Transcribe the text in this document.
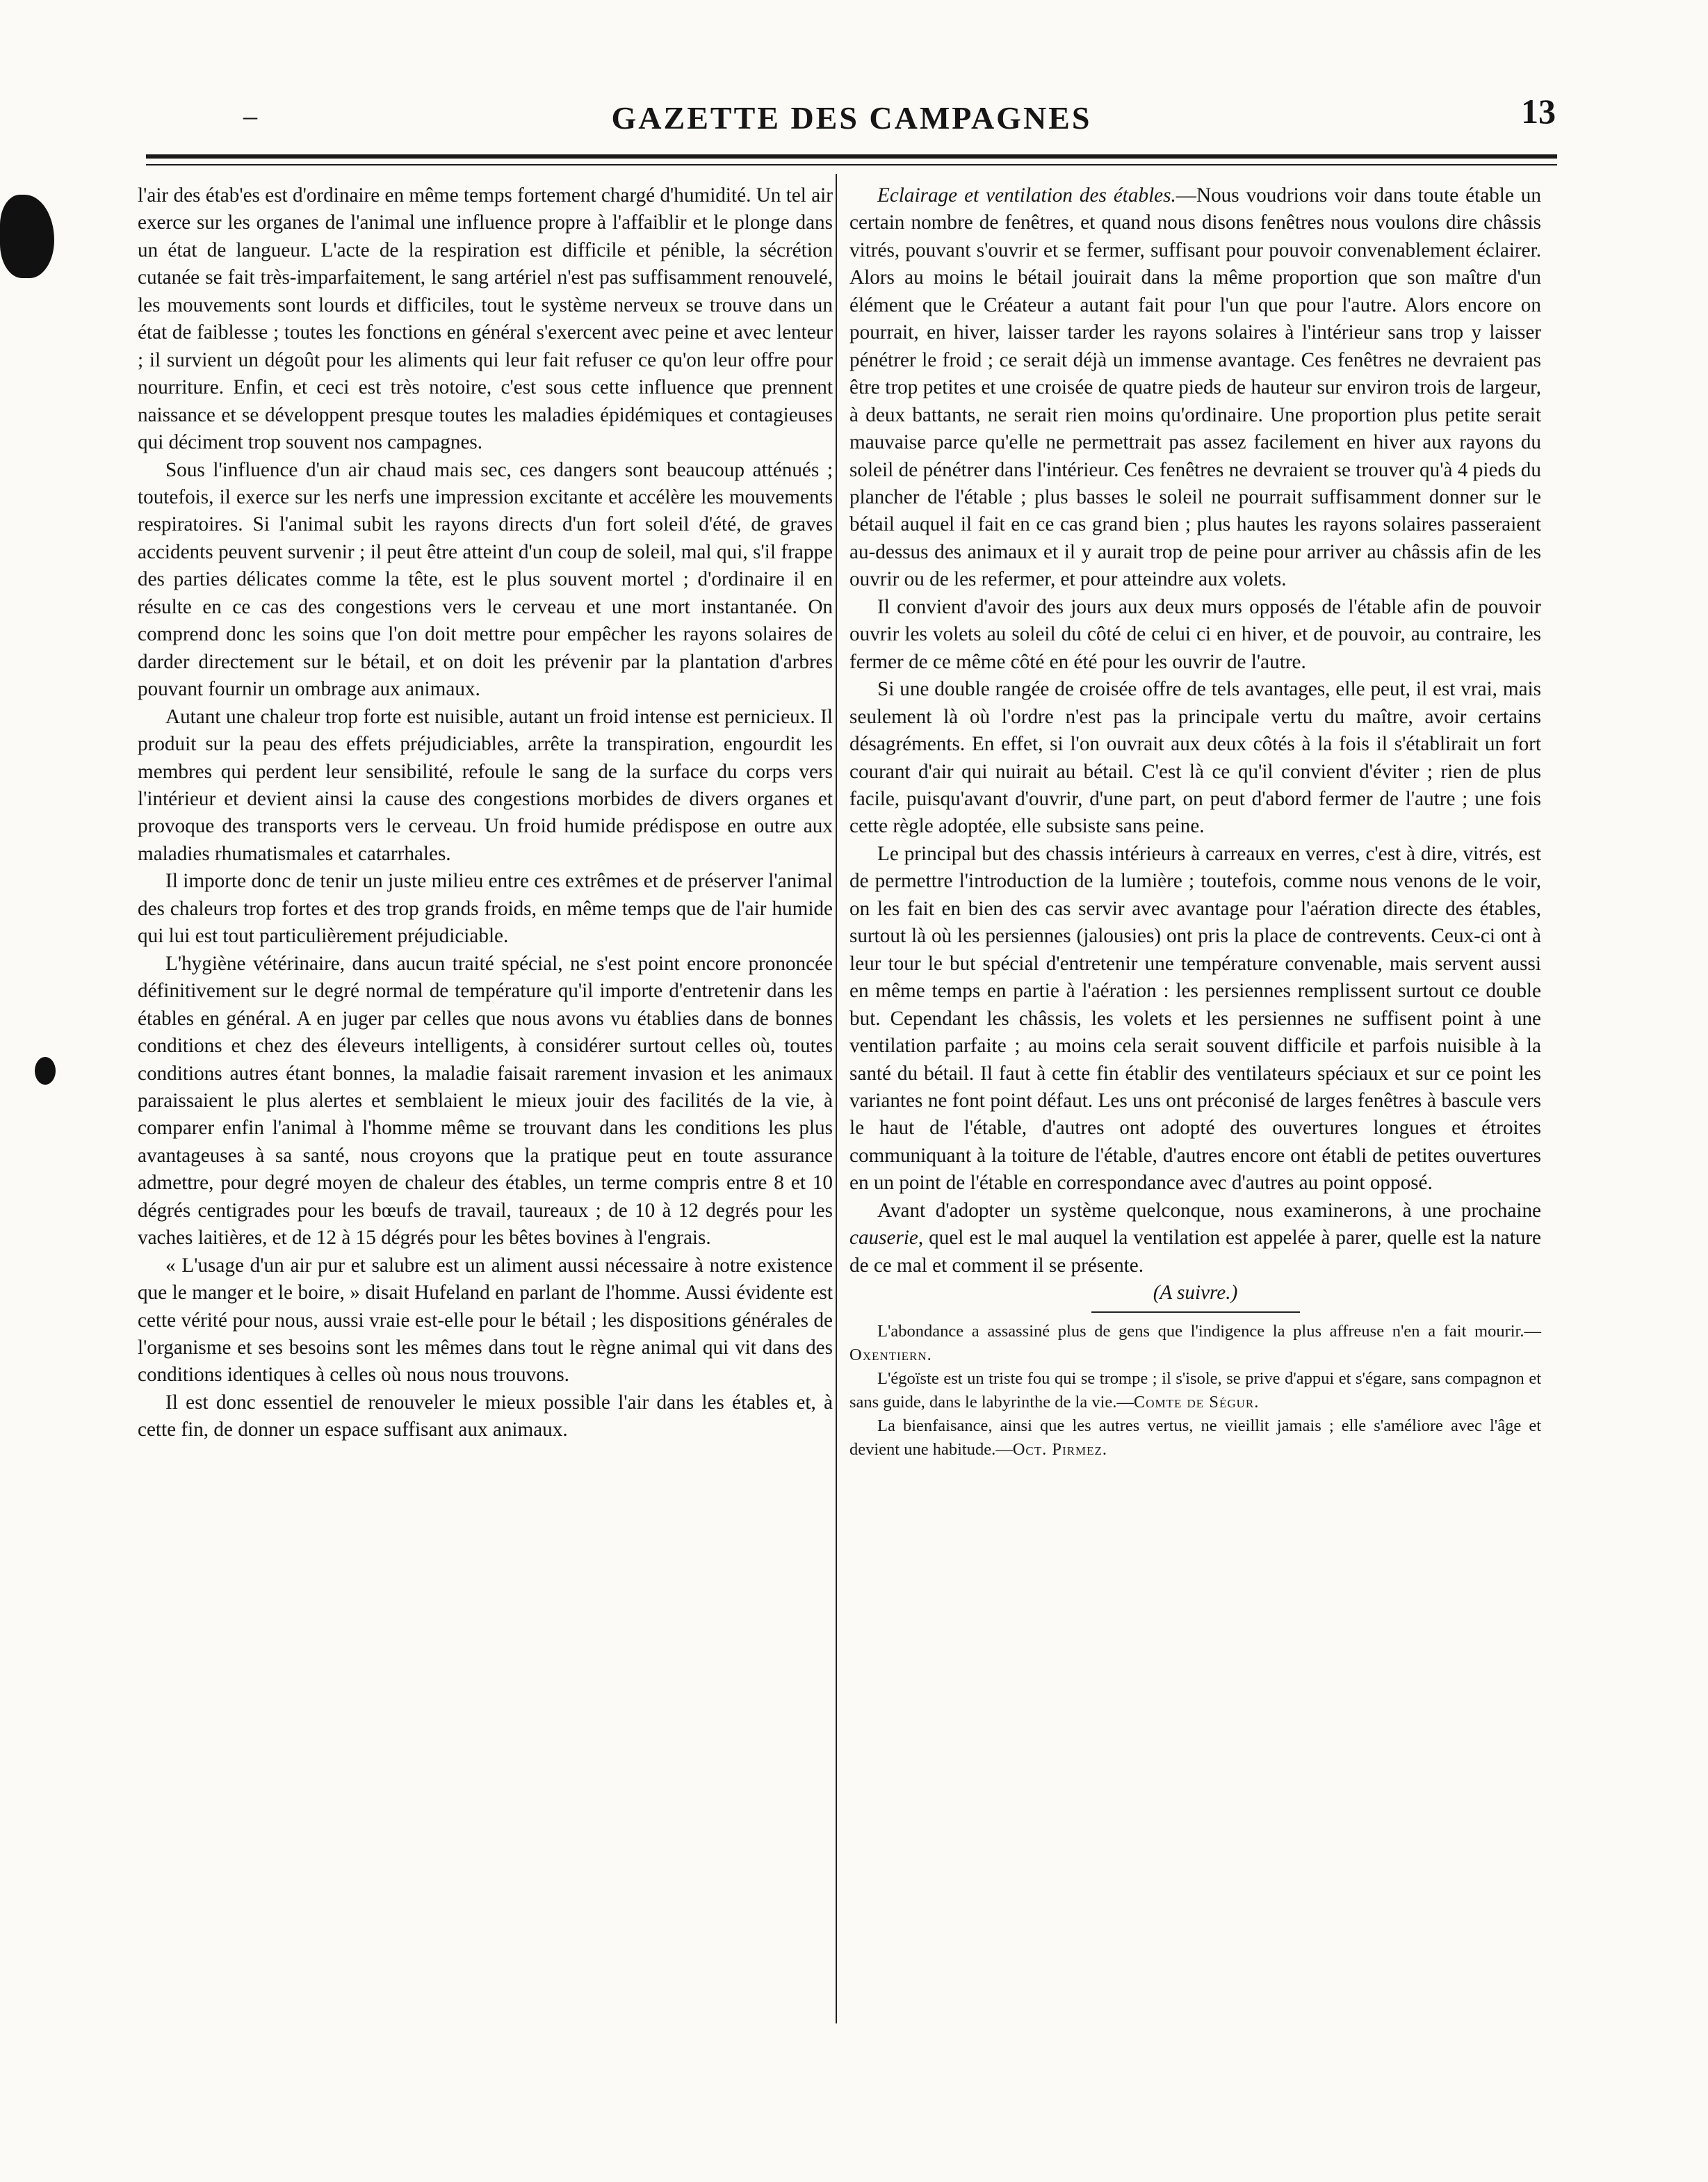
–	GAZETTE DES CAMPAGNES	13

l'air des étab'es est d'ordinaire en même temps fortement chargé d'humidité. Un tel air exerce sur les organes de l'animal une influence propre à l'affaiblir et le plonge dans un état de langueur. L'acte de la respiration est difficile et pénible, la sécrétion cutanée se fait très-imparfaitement, le sang artériel n'est pas suffisamment renouvelé, les mouvements sont lourds et difficiles, tout le système nerveux se trouve dans un état de faiblesse ; toutes les fonctions en général s'exercent avec peine et avec lenteur ; il survient un dégoût pour les aliments qui leur fait refuser ce qu'on leur offre pour nourriture. Enfin, et ceci est très notoire, c'est sous cette influence que prennent naissance et se développent presque toutes les maladies épidémiques et contagieuses qui déciment trop souvent nos campagnes.

Sous l'influence d'un air chaud mais sec, ces dangers sont beaucoup atténués ; toutefois, il exerce sur les nerfs une impression excitante et accélère les mouvements respiratoires. Si l'animal subit les rayons directs d'un fort soleil d'été, de graves accidents peuvent survenir ; il peut être atteint d'un coup de soleil, mal qui, s'il frappe des parties délicates comme la tête, est le plus souvent mortel ; d'ordinaire il en résulte en ce cas des congestions vers le cerveau et une mort instantanée. On comprend donc les soins que l'on doit mettre pour empêcher les rayons solaires de darder directement sur le bétail, et on doit les prévenir par la plantation d'arbres pouvant fournir un ombrage aux animaux.

Autant une chaleur trop forte est nuisible, autant un froid intense est pernicieux. Il produit sur la peau des effets préjudiciables, arrête la transpiration, engourdit les membres qui perdent leur sensibilité, refoule le sang de la surface du corps vers l'intérieur et devient ainsi la cause des congestions morbides de divers organes et provoque des transports vers le cerveau. Un froid humide prédispose en outre aux maladies rhumatismales et catarrhales.

Il importe donc de tenir un juste milieu entre ces extrêmes et de préserver l'animal des chaleurs trop fortes et des trop grands froids, en même temps que de l'air humide qui lui est tout particulièrement préjudiciable.

L'hygiène vétérinaire, dans aucun traité spécial, ne s'est point encore prononcée définitivement sur le degré normal de température qu'il importe d'entretenir dans les étables en général. A en juger par celles que nous avons vu établies dans de bonnes conditions et chez des éleveurs intelligents, à considérer surtout celles où, toutes conditions autres étant bonnes, la maladie faisait rarement invasion et les animaux paraissaient le plus alertes et semblaient le mieux jouir des facilités de la vie, à comparer enfin l'animal à l'homme même se trouvant dans les conditions les plus avantageuses à sa santé, nous croyons que la pratique peut en toute assurance admettre, pour degré moyen de chaleur des étables, un terme compris entre 8 et 10 dégrés centigrades pour les bœufs de travail, taureaux ; de 10 à 12 degrés pour les vaches laitières, et de 12 à 15 dégrés pour les bêtes bovines à l'engrais.

« L'usage d'un air pur et salubre est un aliment aussi nécessaire à notre existence que le manger et le boire, » disait Hufeland en parlant de l'homme. Aussi évidente est cette vérité pour nous, aussi vraie est-elle pour le bétail ; les dispositions générales de l'organisme et ses besoins sont les mêmes dans tout le règne animal qui vit dans des conditions identiques à celles où nous nous trouvons.

Il est donc essentiel de renouveler le mieux possible l'air dans les étables et, à cette fin, de donner un espace suffisant aux animaux.

Eclairage et ventilation des étables.—Nous voudrions voir dans toute étable un certain nombre de fenêtres, et quand nous disons fenêtres nous voulons dire châssis vitrés, pouvant s'ouvrir et se fermer, suffisant pour pouvoir convenablement éclairer. Alors au moins le bétail jouirait dans la même proportion que son maître d'un élément que le Créateur a autant fait pour l'un que pour l'autre. Alors encore on pourrait, en hiver, laisser tarder les rayons solaires à l'intérieur sans trop y laisser pénétrer le froid ; ce serait déjà un immense avantage. Ces fenêtres ne devraient pas être trop petites et une croisée de quatre pieds de hauteur sur environ trois de largeur, à deux battants, ne serait rien moins qu'ordinaire. Une proportion plus petite serait mauvaise parce qu'elle ne permettrait pas assez facilement en hiver aux rayons du soleil de pénétrer dans l'intérieur. Ces fenêtres ne devraient se trouver qu'à 4 pieds du plancher de l'étable ; plus basses le soleil ne pourrait suffisamment donner sur le bétail auquel il fait en ce cas grand bien ; plus hautes les rayons solaires passeraient au-dessus des animaux et il y aurait trop de peine pour arriver au châssis afin de les ouvrir ou de les refermer, et pour atteindre aux volets.

Il convient d'avoir des jours aux deux murs opposés de l'étable afin de pouvoir ouvrir les volets au soleil du côté de celui ci en hiver, et de pouvoir, au contraire, les fermer de ce même côté en été pour les ouvrir de l'autre.

Si une double rangée de croisée offre de tels avantages, elle peut, il est vrai, mais seulement là où l'ordre n'est pas la principale vertu du maître, avoir certains désagréments. En effet, si l'on ouvrait aux deux côtés à la fois il s'établirait un fort courant d'air qui nuirait au bétail. C'est là ce qu'il convient d'éviter ; rien de plus facile, puisqu'avant d'ouvrir, d'une part, on peut d'abord fermer de l'autre ; une fois cette règle adoptée, elle subsiste sans peine.

Le principal but des chassis intérieurs à carreaux en verres, c'est à dire, vitrés, est de permettre l'introduction de la lumière ; toutefois, comme nous venons de le voir, on les fait en bien des cas servir avec avantage pour l'aération directe des étables, surtout là où les persiennes (jalousies) ont pris la place de contrevents. Ceux-ci ont à leur tour le but spécial d'entretenir une température convenable, mais servent aussi en même temps en partie à l'aération : les persiennes remplissent surtout ce double but. Cependant les châssis, les volets et les persiennes ne suffisent point à une ventilation parfaite ; au moins cela serait souvent difficile et parfois nuisible à la santé du bétail. Il faut à cette fin établir des ventilateurs spéciaux et sur ce point les variantes ne font point défaut. Les uns ont préconisé de larges fenêtres à bascule vers le haut de l'étable, d'autres ont adopté des ouvertures longues et étroites communiquant à la toiture de l'étable, d'autres encore ont établi de petites ouvertures en un point de l'étable en correspondance avec d'autres au point opposé.

Avant d'adopter un système quelconque, nous examinerons, à une prochaine causerie, quel est le mal auquel la ventilation est appelée à parer, quelle est la nature de ce mal et comment il se présente.

(A suivre.)

L'abondance a assassiné plus de gens que l'indigence la plus affreuse n'en a fait mourir.—Oxentiern.

L'égoïste est un triste fou qui se trompe ; il s'isole, se prive d'appui et s'égare, sans compagnon et sans guide, dans le labyrinthe de la vie.—Comte de Ségur.

La bienfaisance, ainsi que les autres vertus, ne vieillit jamais ; elle s'améliore avec l'âge et devient une habitude.—Oct. Pirmez.
